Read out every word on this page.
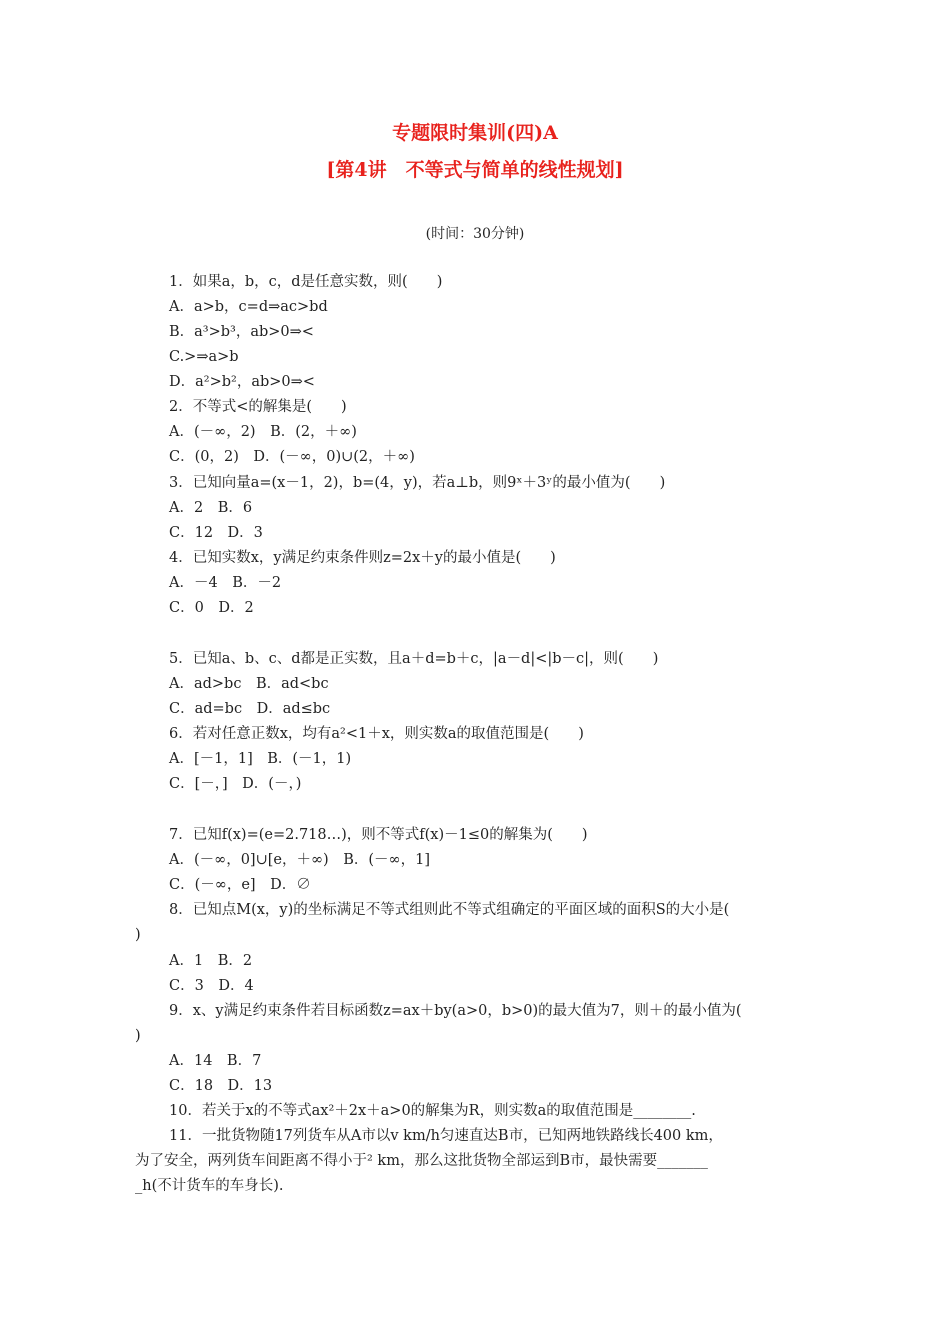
专题限时集训(四)A
[第4讲　不等式与简单的线性规划]
(时间：30分钟)
1．如果a，b，c，d是任意实数，则(　　)
A．a>b，c=d⇒ac>bd
B．a³>b³，ab>0⇒<
C.>⇒a>b
D．a²>b²，ab>0⇒<
2．不等式<的解集是(　　)
A．(－∞，2)　B．(2，＋∞)
C．(0，2)　D．(－∞，0)∪(2，＋∞)
3．已知向量a=(x－1，2)，b=(4，y)，若a⊥b，则9ˣ＋3ʸ的最小值为(　　)
A．2　B．6
C．12　D．3
4．已知实数x，y满足约束条件则z=2x＋y的最小值是(　　)
A．－4　B．－2
C．0　D．2
5．已知a、b、c、d都是正实数，且a＋d=b＋c，|a－d|<|b－c|，则(　　)
A．ad>bc　B．ad<bc
C．ad=bc　D．ad≤bc
6．若对任意正数x，均有a²<1＋x，则实数a的取值范围是(　　)
A．[－1，1]　B．(－1，1)
C．[－，]　D．(－，)
7．已知f(x)=(e=2.718…)，则不等式f(x)－1≤0的解集为(　　)
A．(－∞，0]∪[e，＋∞)　B．(－∞，1]
C．(－∞，e]　D．∅
8．已知点M(x，y)的坐标满足不等式组则此不等式组确定的平面区域的面积S的大小是(
)
A．1　B．2
C．3　D．4
9．x、y满足约束条件若目标函数z=ax＋by(a>0，b>0)的最大值为7，则＋的最小值为(
)
A．14　B．7
C．18　D．13
10．若关于x的不等式ax²＋2x＋a>0的解集为R，则实数a的取值范围是________.
11．一批货物随17列货车从A市以v km/h匀速直达B市，已知两地铁路线长400 km，
为了安全，两列货车间距离不得小于² km，那么这批货物全部运到B市，最快需要_______
_h(不计货车的车身长).
